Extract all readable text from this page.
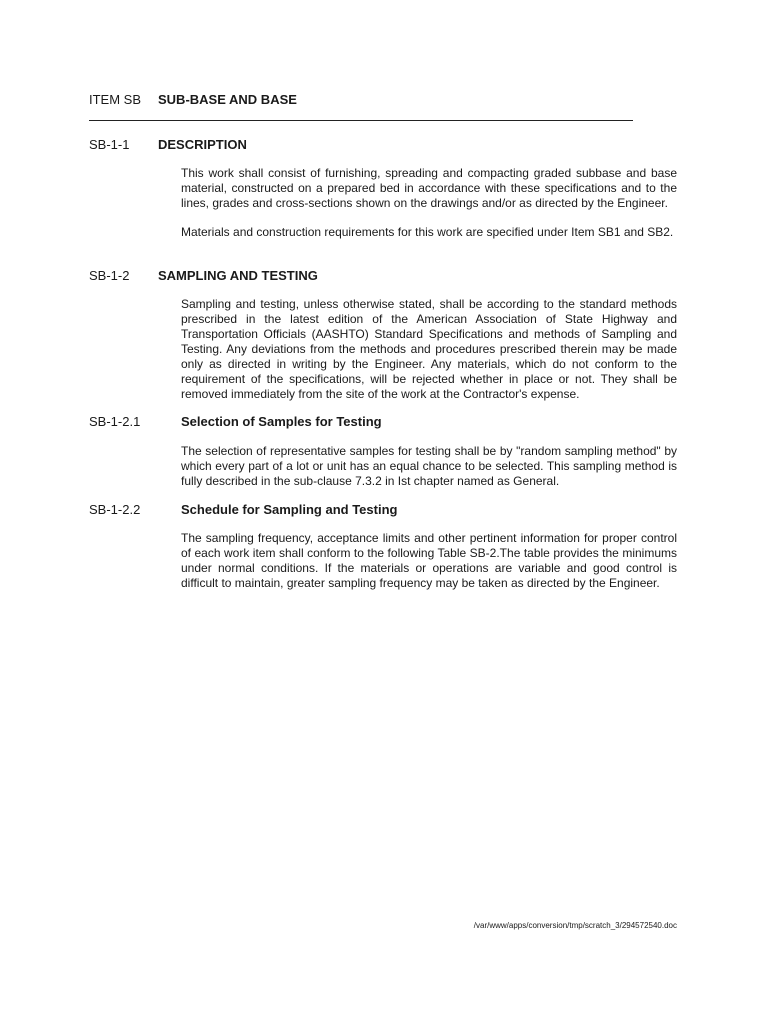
ITEM SB SUB-BASE AND BASE
SB-1-1 DESCRIPTION

This work shall consist of furnishing, spreading and compacting graded subbase and base material, constructed on a prepared bed in accordance with these specifications and to the lines, grades and cross-sections shown on the drawings and/or as directed by the Engineer.

Materials and construction requirements for this work are specified under Item SB1 and SB2.

SB-1-2 SAMPLING AND TESTING

Sampling and testing, unless otherwise stated, shall be according to the standard methods prescribed in the latest edition of the American Association of State Highway and Transportation Officials (AASHTO) Standard Specifications and methods of Sampling and Testing. Any deviations from the methods and procedures prescribed therein may be made only as directed in writing by the Engineer. Any materials, which do not conform to the requirement of the specifications, will be rejected whether in place or not. They shall be removed immediately from the site of the work at the Contractor's expense.

SB-1-2.1	Selection of Samples for Testing

The selection of representative samples for testing shall be by "random sampling method" by which every part of a lot or unit has an equal chance to be selected. This sampling method is fully described in the sub-clause 7.3.2 in Ist chapter named as General.

SB-1-2.2	Schedule for Sampling and Testing

The sampling frequency, acceptance limits and other pertinent information for proper control of each work item shall conform to the following Table SB-2.The table provides the minimums under normal conditions. If the materials or operations are variable and good control is difficult to maintain, greater sampling frequency may be taken as directed by the Engineer.

/var/www/apps/conversion/tmp/scratch_3/294572540.doc
